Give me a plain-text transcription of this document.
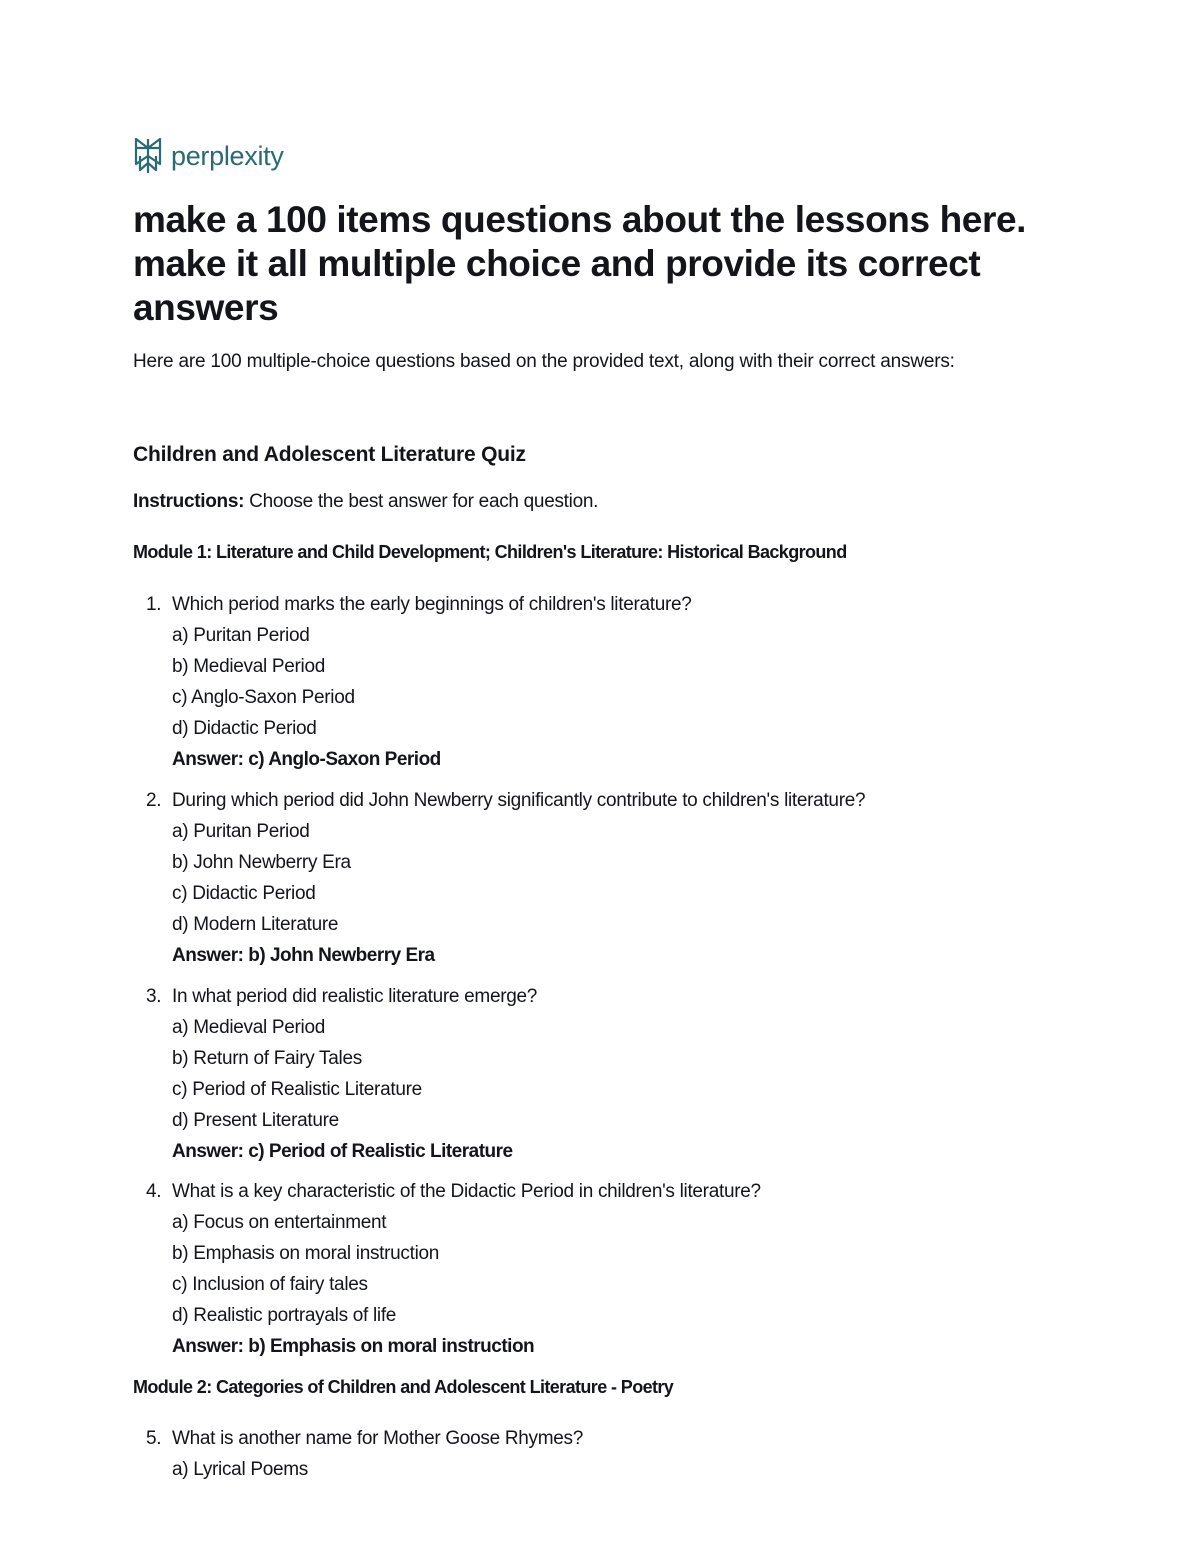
perplexity
make a 100 items questions about the lessons here. make it all multiple choice and provide its correct answers

Here are 100 multiple-choice questions based on the provided text, along with their correct answers:

Children and Adolescent Literature Quiz

Instructions: Choose the best answer for each question.

Module 1: Literature and Child Development; Children's Literature: Historical Background

1. Which period marks the early beginnings of children's literature?
a) Puritan Period
b) Medieval Period
c) Anglo-Saxon Period
d) Didactic Period
Answer: c) Anglo-Saxon Period
2. During which period did John Newberry significantly contribute to children's literature?
a) Puritan Period
b) John Newberry Era
c) Didactic Period
d) Modern Literature
Answer: b) John Newberry Era
3. In what period did realistic literature emerge?
a) Medieval Period
b) Return of Fairy Tales
c) Period of Realistic Literature
d) Present Literature
Answer: c) Period of Realistic Literature
4. What is a key characteristic of the Didactic Period in children's literature?
a) Focus on entertainment
b) Emphasis on moral instruction
c) Inclusion of fairy tales
d) Realistic portrayals of life
Answer: b) Emphasis on moral instruction

Module 2: Categories of Children and Adolescent Literature - Poetry

5. What is another name for Mother Goose Rhymes?
a) Lyrical Poems
